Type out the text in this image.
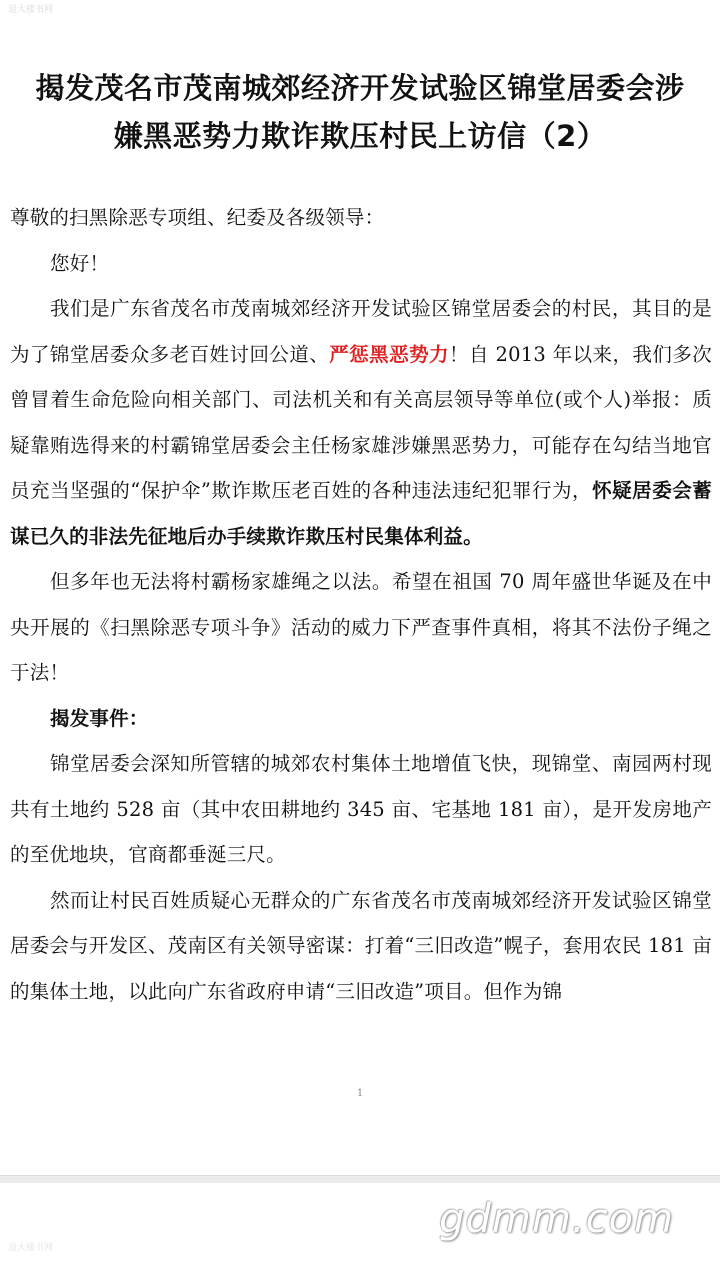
退大楼书网
揭发茂名市茂南城郊经济开发试验区锦堂居委会涉
嫌黑恶势力欺诈欺压村民上访信（2）

尊敬的扫黑除恶专项组、纪委及各级领导：

您好！

我们是广东省茂名市茂南城郊经济开发试验区锦堂居委会的村民，其目的是为了锦堂居委众多老百姓讨回公道、严惩黑恶势力！自 2013 年以来，我们多次曾冒着生命危险向相关部门、司法机关和有关高层领导等单位(或个人)举报：质疑靠贿选得来的村霸锦堂居委会主任杨家雄涉嫌黑恶势力，可能存在勾结当地官员充当坚强的“保护伞”欺诈欺压老百姓的各种违法违纪犯罪行为，怀疑居委会蓄谋已久的非法先征地后办手续欺诈欺压村民集体利益。

但多年也无法将村霸杨家雄绳之以法。希望在祖国 70 周年盛世华诞及在中央开展的《扫黑除恶专项斗争》活动的威力下严查事件真相，将其不法份子绳之于法！

揭发事件：

锦堂居委会深知所管辖的城郊农村集体土地增值飞快，现锦堂、南园两村现共有土地约 528 亩（其中农田耕地约 345 亩、宅基地 181 亩），是开发房地产的至优地块，官商都垂涎三尺。

然而让村民百姓质疑心无群众的广东省茂名市茂南城郊经济开发试验区锦堂居委会与开发区、茂南区有关领导密谋：打着“三旧改造”幌子，套用农民 181 亩的集体土地，以此向广东省政府申请“三旧改造”项目。但作为锦

1
gdmm.com
退大楼书网
